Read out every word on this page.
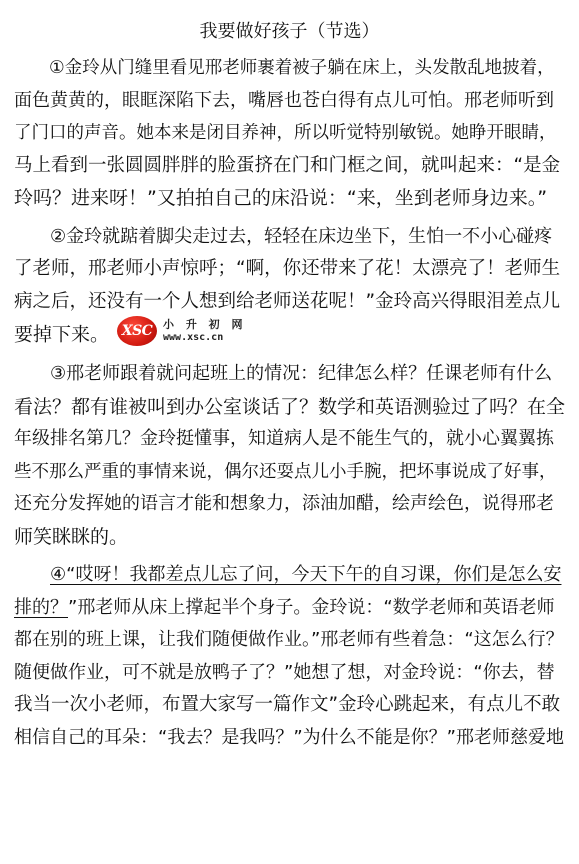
我要做好孩子（节选）
①金玲从门缝里看见邢老师裹着被子躺在床上，头发散乱地披着，
面色黄黄的，眼眶深陷下去，嘴唇也苍白得有点儿可怕。邢老师听到
了门口的声音。她本来是闭目养神，所以听觉特别敏锐。她睁开眼睛，
马上看到一张圆圆胖胖的脸蛋挤在门和门框之间，就叫起来：“是金
玲吗？进来呀！”又拍拍自己的床沿说：“来，坐到老师身边来。”
②金玲就踮着脚尖走过去，轻轻在床边坐下，生怕一不小心碰疼
了老师，邢老师小声惊呼；“啊，你还带来了花！太漂亮了！老师生
病之后，还没有一个人想到给老师送花呢！”金玲高兴得眼泪差点儿
要掉下来。 XSC 小 升 初 网
www.xsc.cn
③邢老师跟着就问起班上的情况：纪律怎么样？任课老师有什么
看法？都有谁被叫到办公室谈话了？数学和英语测验过了吗？在全
年级排名第几？金玲挺懂事，知道病人是不能生气的，就小心翼翼拣
些不那么严重的事情来说，偶尔还耍点儿小手腕，把坏事说成了好事，
还充分发挥她的语言才能和想象力，添油加醋，绘声绘色，说得邢老
师笑眯眯的。
④“哎呀！我都差点儿忘了问，今天下午的自习课，你们是怎么安
排的？”邢老师从床上撑起半个身子。金玲说：“数学老师和英语老师
都在别的班上课，让我们随便做作业。”邢老师有些着急：“这怎么行？
随便做作业，可不就是放鸭子了？”她想了想，对金玲说：“你去，替
我当一次小老师，布置大家写一篇作文”金玲心跳起来，有点儿不敢
相信自己的耳朵：“我去？是我吗？”为什么不能是你？”邢老师慈爱地
